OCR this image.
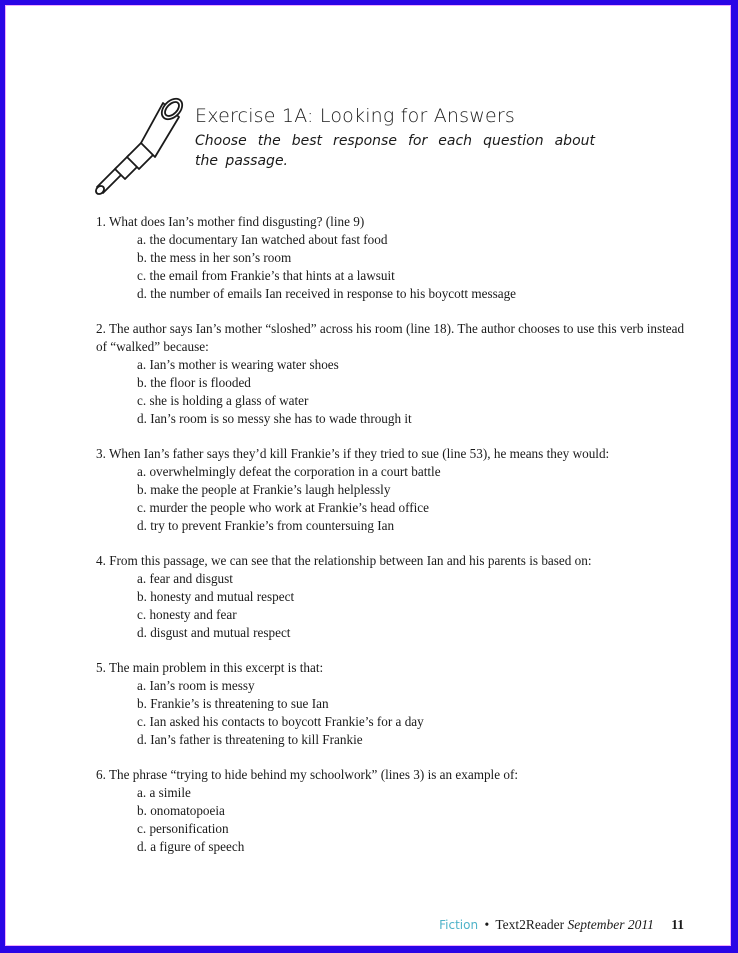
Exercise 1A: Looking for Answers
Choose the best response for each question about the passage.

1. What does Ian’s mother find disgusting? (line 9)

a. the documentary Ian watched about fast food
b. the mess in her son’s room
c. the email from Frankie’s that hints at a lawsuit
d. the number of emails Ian received in response to his boycott message

2. The author says Ian’s mother “sloshed” across his room (line 18). The author chooses to use this verb instead of “walked” because:

a. Ian’s mother is wearing water shoes
b. the floor is flooded
c. she is holding a glass of water
d. Ian’s room is so messy she has to wade through it

3. When Ian’s father says they’d kill Frankie’s if they tried to sue (line 53), he means they would:

a. overwhelmingly defeat the corporation in a court battle
b. make the people at Frankie’s laugh helplessly
c. murder the people who work at Frankie’s head office
d. try to prevent Frankie’s from countersuing Ian

4. From this passage, we can see that the relationship between Ian and his parents is based on:

a. fear and disgust
b. honesty and mutual respect
c. honesty and fear
d. disgust and mutual respect

5. The main problem in this excerpt is that:

a. Ian’s room is messy
b. Frankie’s is threatening to sue Ian
c. Ian asked his contacts to boycott Frankie’s for a day
d. Ian’s father is threatening to kill Frankie

6. The phrase “trying to hide behind my schoolwork” (lines 3) is an example of:

a. a simile
b. onomatopoeia
c. personification
d. a figure of speech
Fiction • Text2Reader September 2011 11
